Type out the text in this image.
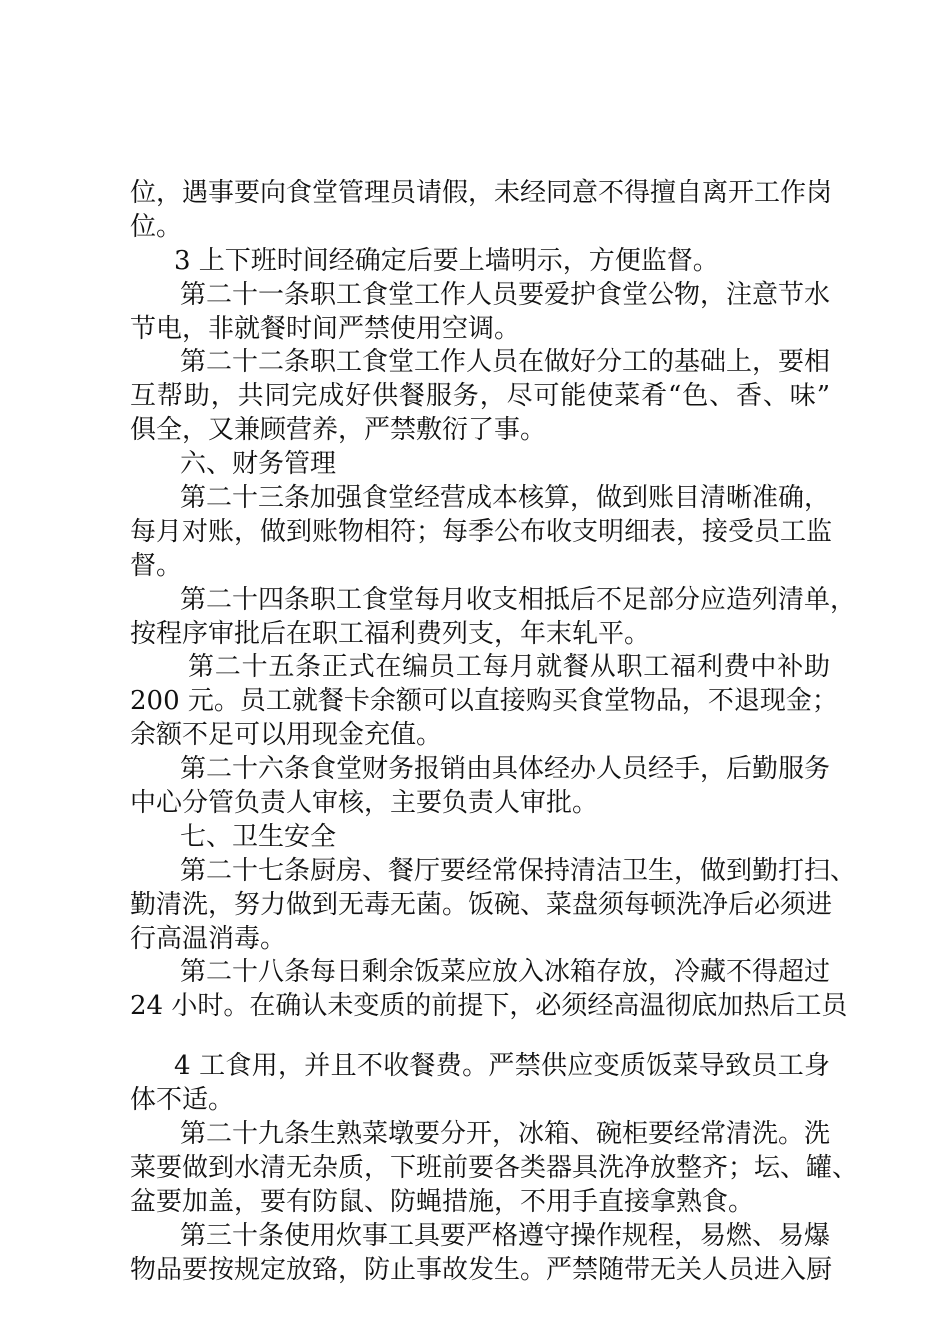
位，遇事要向食堂管理员请假，未经同意不得擅自离开工作岗
位。
3 上下班时间经确定后要上墙明示，方便监督。
第二十一条职工食堂工作人员要爱护食堂公物，注意节水
节电，非就餐时间严禁使用空调。
第二十二条职工食堂工作人员在做好分工的基础上，要相
互帮助，共同完成好供餐服务，尽可能使菜肴“色、香、味”
俱全，又兼顾营养，严禁敷衍了事。
六、财务管理
第二十三条加强食堂经营成本核算，做到账目清晰准确，
每月对账，做到账物相符；每季公布收支明细表，接受员工监
督。
第二十四条职工食堂每月收支相抵后不足部分应造列清单，
按程序审批后在职工福利费列支，年末轧平。
第二十五条正式在编员工每月就餐从职工福利费中补助
200 元。员工就餐卡余额可以直接购买食堂物品，不退现金；
余额不足可以用现金充值。
第二十六条食堂财务报销由具体经办人员经手，后勤服务
中心分管负责人审核，主要负责人审批。
七、卫生安全
第二十七条厨房、餐厅要经常保持清洁卫生，做到勤打扫、
勤清洗，努力做到无毒无菌。饭碗、菜盘须每顿洗净后必须进
行高温消毒。
第二十八条每日剩余饭菜应放入冰箱存放，冷藏不得超过
24 小时。在确认未变质的前提下，必须经高温彻底加热后工员
4 工食用，并且不收餐费。严禁供应变质饭菜导致员工身
体不适。
第二十九条生熟菜墩要分开，冰箱、碗柜要经常清洗。洗
菜要做到水清无杂质，下班前要各类器具洗净放整齐；坛、罐、
盆要加盖，要有防鼠、防蝇措施，不用手直接拿熟食。
第三十条使用炊事工具要严格遵守操作规程，易燃、易爆
物品要按规定放臵，防止事故发生。严禁随带无关人员进入厨
